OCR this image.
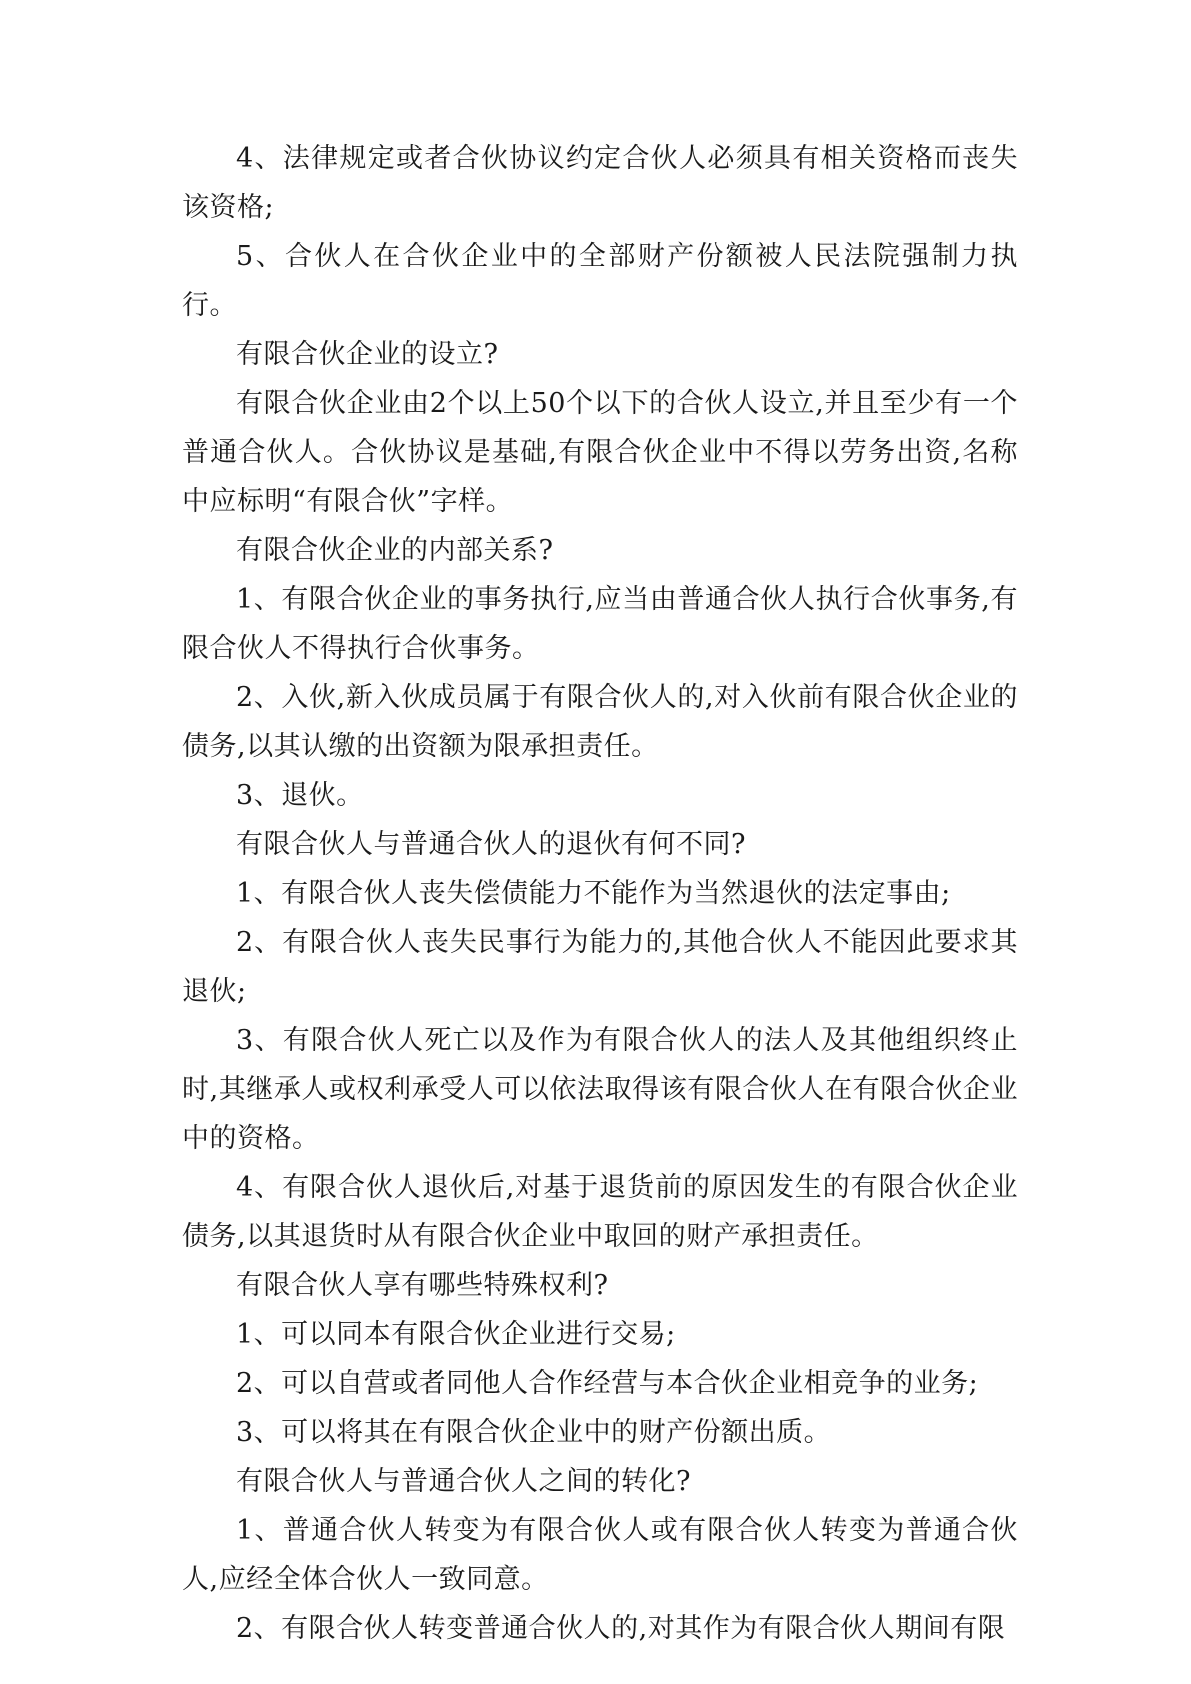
4、法律规定或者合伙协议约定合伙人必须具有相关资格而丧失该资格;

5、合伙人在合伙企业中的全部财产份额被人民法院强制力执行。

有限合伙企业的设立?

有限合伙企业由2个以上50个以下的合伙人设立,并且至少有一个普通合伙人。合伙协议是基础,有限合伙企业中不得以劳务出资,名称中应标明“有限合伙”字样。

有限合伙企业的内部关系?

1、有限合伙企业的事务执行,应当由普通合伙人执行合伙事务,有限合伙人不得执行合伙事务。

2、入伙,新入伙成员属于有限合伙人的,对入伙前有限合伙企业的债务,以其认缴的出资额为限承担责任。

3、退伙。

有限合伙人与普通合伙人的退伙有何不同?

1、有限合伙人丧失偿债能力不能作为当然退伙的法定事由;

2、有限合伙人丧失民事行为能力的,其他合伙人不能因此要求其退伙;

3、有限合伙人死亡以及作为有限合伙人的法人及其他组织终止时,其继承人或权利承受人可以依法取得该有限合伙人在有限合伙企业中的资格。

4、有限合伙人退伙后,对基于退货前的原因发生的有限合伙企业债务,以其退货时从有限合伙企业中取回的财产承担责任。

有限合伙人享有哪些特殊权利?

1、可以同本有限合伙企业进行交易;

2、可以自营或者同他人合作经营与本合伙企业相竞争的业务;

3、可以将其在有限合伙企业中的财产份额出质。

有限合伙人与普通合伙人之间的转化?

1、普通合伙人转变为有限合伙人或有限合伙人转变为普通合伙人,应经全体合伙人一致同意。

2、有限合伙人转变普通合伙人的,对其作为有限合伙人期间有限
